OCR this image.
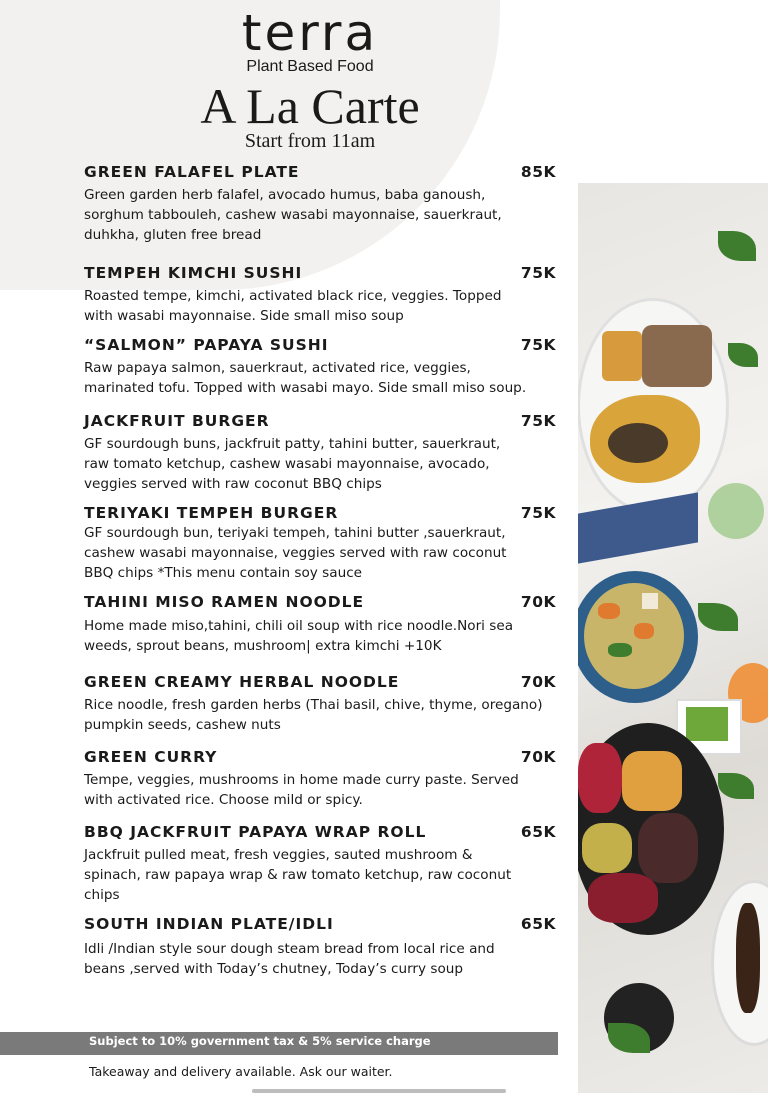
terra
Plant Based Food
A La Carte
Start from 11am
GREEN FALAFEL PLATE	85K
Green garden herb falafel, avocado humus, baba ganoush,
sorghum tabbouleh, cashew wasabi mayonnaise, sauerkraut,
duhkha, gluten free bread
TEMPEH KIMCHI SUSHI	75K
Roasted tempe, kimchi, activated black rice, veggies. Topped
with wasabi mayonnaise. Side small miso soup
“SALMON” PAPAYA SUSHI	75K
Raw papaya salmon, sauerkraut, activated rice, veggies,
marinated tofu. Topped with wasabi mayo. Side small miso soup.
JACKFRUIT BURGER	75K
GF sourdough buns, jackfruit patty, tahini butter, sauerkraut,
raw tomato ketchup, cashew wasabi mayonnaise, avocado,
veggies served with raw coconut BBQ chips
TERIYAKI TEMPEH BURGER	75K
GF sourdough bun, teriyaki tempeh, tahini butter ,sauerkraut,
cashew wasabi mayonnaise, veggies served with raw coconut
BBQ chips *This menu contain soy sauce
TAHINI MISO RAMEN NOODLE	70K
Home made miso,tahini, chili oil soup with rice noodle.Nori sea
weeds, sprout beans, mushroom| extra kimchi +10K
GREEN CREAMY HERBAL NOODLE	70K
Rice noodle, fresh garden herbs (Thai basil, chive, thyme, oregano)
pumpkin seeds, cashew nuts
GREEN CURRY	70K
Tempe, veggies, mushrooms in home made curry paste. Served
with activated rice. Choose mild or spicy.
BBQ JACKFRUIT PAPAYA WRAP ROLL	65K
Jackfruit pulled meat, fresh veggies, sauted mushroom &
spinach, raw papaya wrap & raw tomato ketchup, raw coconut
chips
SOUTH INDIAN PLATE/IDLI	65K
Idli /Indian style sour dough steam bread from local rice and
beans ,served with Today’s chutney, Today’s curry soup
Subject to 10% government tax & 5% service charge
Takeaway and delivery available. Ask our waiter.
